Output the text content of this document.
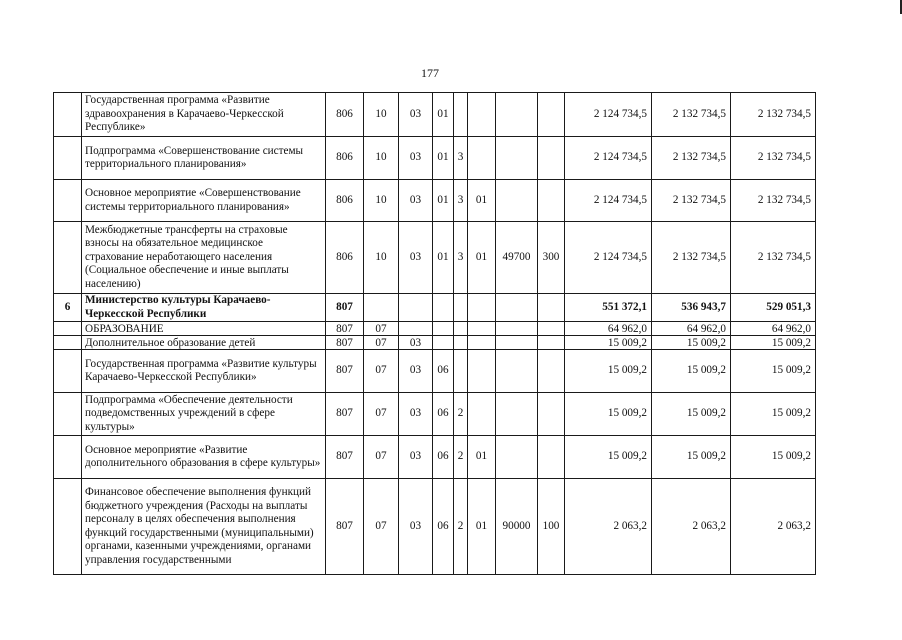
177
	Государственная программа «Развитие здравоохранения в Карачаево-Черкесской Республике»	806	10	03	01					2 124 734,5	2 132 734,5	2 132 734,5
	Подпрограмма «Совершенствование системы территориального планирования»	806	10	03	01	3				2 124 734,5	2 132 734,5	2 132 734,5
	Основное мероприятие «Совершенствование системы территориального планирования»	806	10	03	01	3	01			2 124 734,5	2 132 734,5	2 132 734,5
	Межбюджетные трансферты на страховые взносы на обязательное медицинское страхование неработающего населения (Социальное обеспечение и иные выплаты населению)	806	10	03	01	3	01	49700	300	2 124 734,5	2 132 734,5	2 132 734,5
6	Министерство культуры Карачаево-Черкесской Республики	807								551 372,1	536 943,7	529 051,3
	ОБРАЗОВАНИЕ	807	07							64 962,0	64 962,0	64 962,0
	Дополнительное образование детей	807	07	03						15 009,2	15 009,2	15 009,2
	Государственная программа «Развитие культуры Карачаево-Черкесской Республики»	807	07	03	06					15 009,2	15 009,2	15 009,2
	Подпрограмма «Обеспечение деятельности подведомственных учреждений в сфере культуры»	807	07	03	06	2				15 009,2	15 009,2	15 009,2
	Основное мероприятие «Развитие дополнительного образования в сфере культуры»	807	07	03	06	2	01			15 009,2	15 009,2	15 009,2
	Финансовое обеспечение выполнения функций бюджетного учреждения (Расходы на выплаты персоналу в целях обеспечения выполнения функций государственными (муниципальными) органами, казенными учреждениями, органами управления государственными	807	07	03	06	2	01	90000	100	2 063,2	2 063,2	2 063,2
